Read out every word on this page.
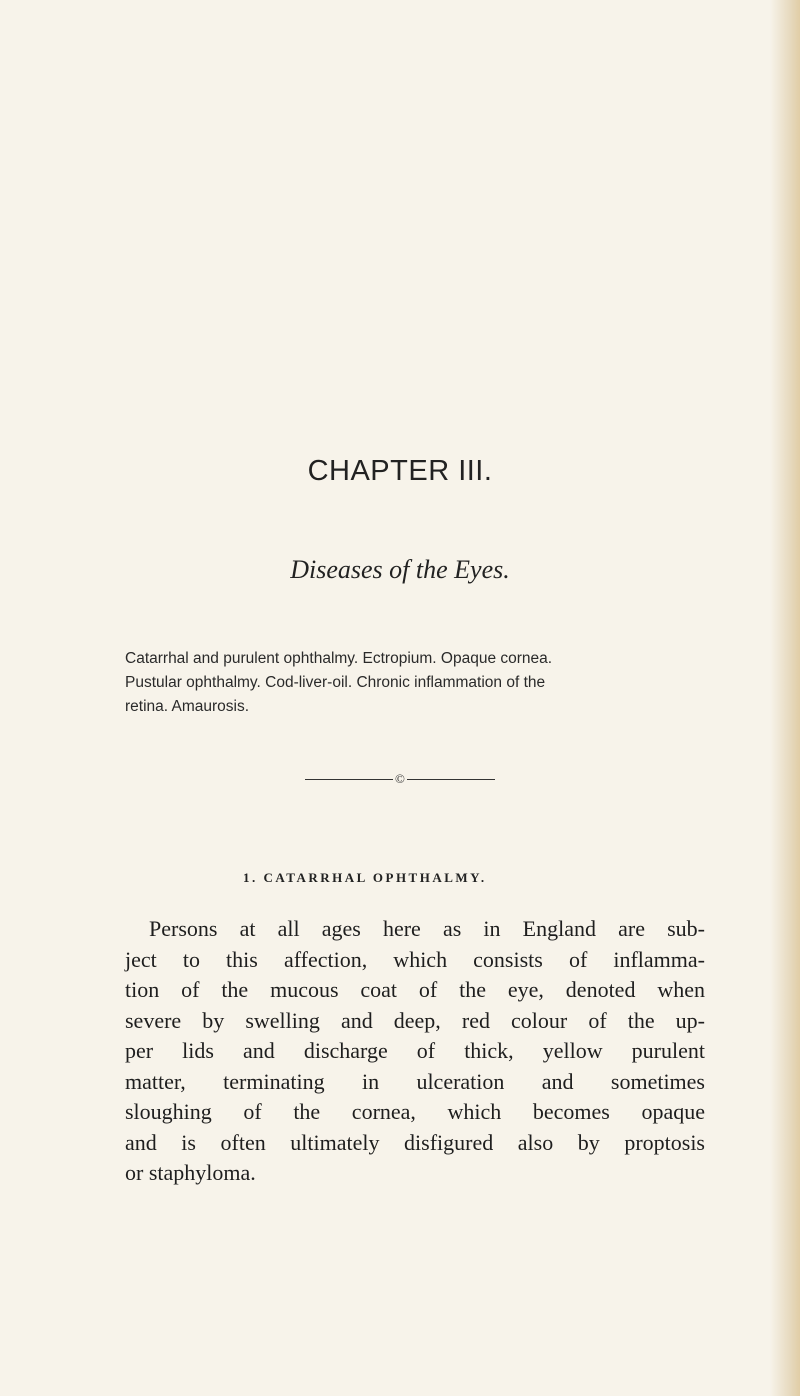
CHAPTER III.
Diseases of the Eyes.
Catarrhal and purulent ophthalmy. Ectropium. Opaque cornea.
Pustular ophthalmy. Cod-liver-oil. Chronic inflammation of the
retina. Amaurosis.
©
1. CATARRHAL OPHTHALMY.
Persons at all ages here as in England are sub-
ject to this affection, which consists of inflamma-
tion of the mucous coat of the eye, denoted when
severe by swelling and deep, red colour of the up-
per lids and discharge of thick, yellow purulent
matter, terminating in ulceration and sometimes
sloughing of the cornea, which becomes opaque
and is often ultimately disfigured also by proptosis
or staphyloma.
